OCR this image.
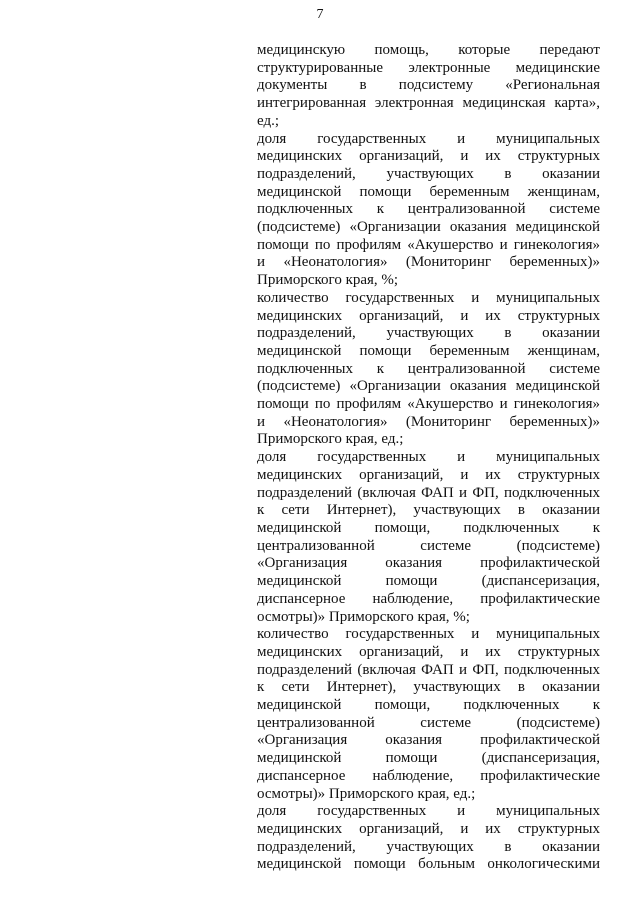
7

медицинскую помощь, которые передают структурированные электронные медицинские документы в подсистему «Региональная интегрированная электронная медицинская карта», ед.;

доля государственных и муниципальных медицинских организаций, и их структурных подразделений, участвующих в оказании медицинской помощи беременным женщинам, подключенных к централизованной системе (подсистеме) «Организации оказания медицинской помощи по профилям «Акушерство и гинекология» и «Неонатология» (Мониторинг беременных)» Приморского края, %;

количество государственных и муниципальных медицинских организаций, и их структурных подразделений, участвующих в оказании медицинской помощи беременным женщинам, подключенных к централизованной системе (подсистеме) «Организации оказания медицинской помощи по профилям «Акушерство и гинекология» и «Неонатология» (Мониторинг беременных)» Приморского края, ед.;

доля государственных и муниципальных медицинских организаций, и их структурных подразделений (включая ФАП и ФП, подключенных к сети Интернет), участвующих в оказании медицинской помощи, подключенных к централизованной системе (подсистеме) «Организация оказания профилактической медицинской помощи (диспансеризация, диспансерное наблюдение, профилактические осмотры)» Приморского края, %;

количество государственных и муниципальных медицинских организаций, и их структурных подразделений (включая ФАП и ФП, подключенных к сети Интернет), участвующих в оказании медицинской помощи, подключенных к централизованной системе (подсистеме) «Организация оказания профилактической медицинской помощи (диспансеризация, диспансерное наблюдение, профилактические осмотры)» Приморского края, ед.;

доля государственных и муниципальных медицинских организаций, и их структурных подразделений, участвующих в оказании медицинской помощи больным онкологическими
